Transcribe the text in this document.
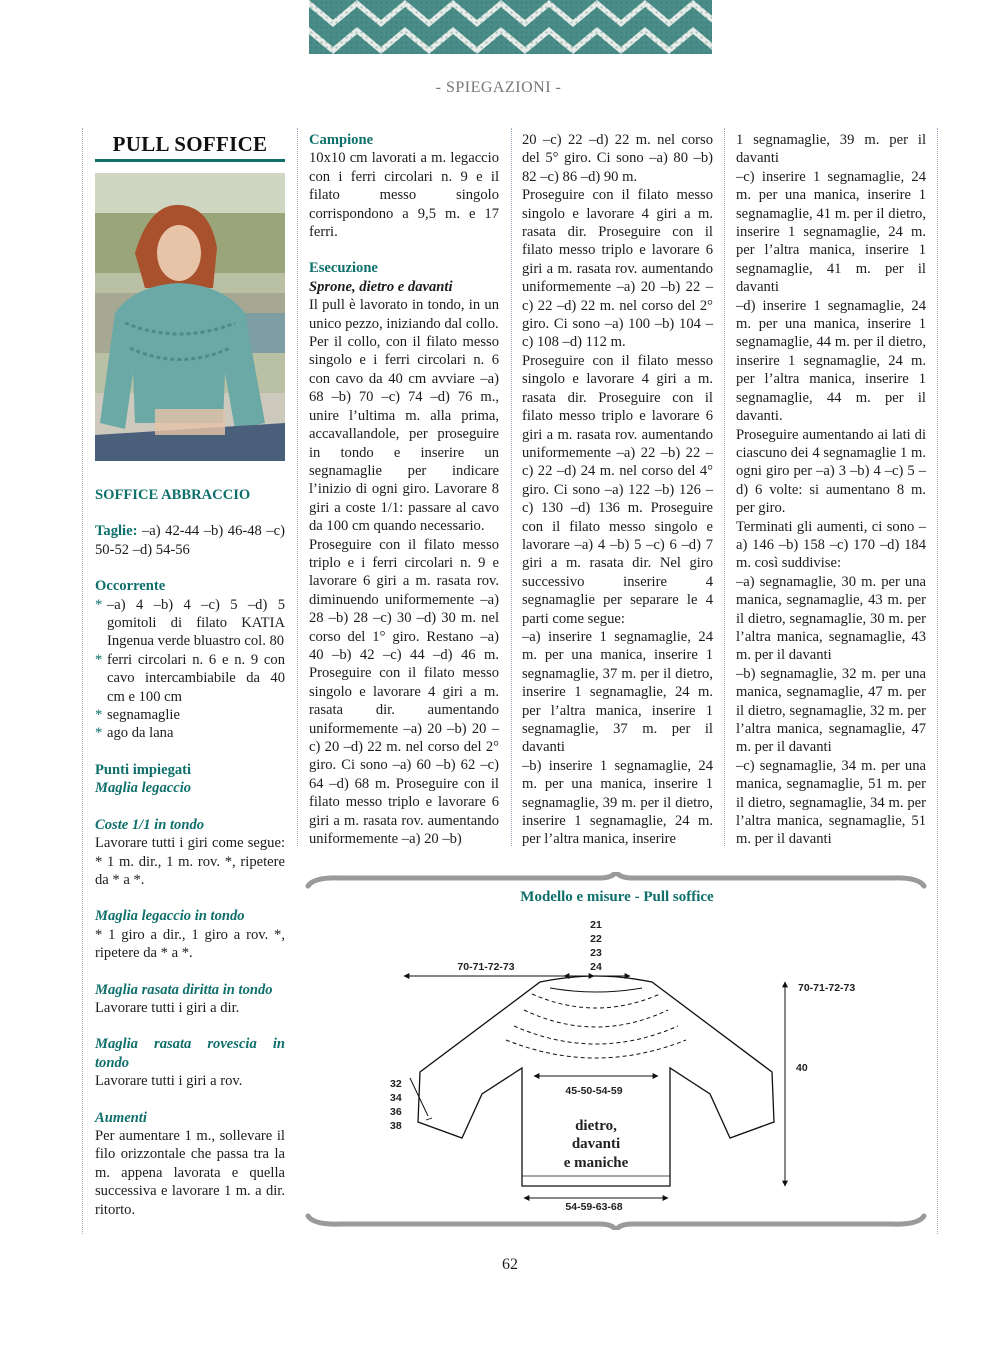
- SPIEGAZIONI -
PULL SOFFICE

SOFFICE ABBRACCIO

Taglie: –a) 42-44 –b) 46-48 –c) 50-52 –d) 54-56

Occorrente

* –a) 4 –b) 4 –c) 5 –d) 5 gomitoli di filato KATIA Ingenua verde bluastro col. 80
* ferri circolari n. 6 e n. 9 con cavo intercambiabile da 40 cm e 100 cm
* segnamaglie
* ago da lana

Punti impiegati

Maglia legaccio

Coste 1/1 in tondo

Lavorare tutti i giri come segue: * 1 m. dir., 1 m. rov. *, ripetere da * a *.

Maglia legaccio in tondo

* 1 giro a dir., 1 giro a rov. *, ripetere da * a *.

Maglia rasata diritta in tondo

Lavorare tutti i giri a dir.

Maglia rasata rovescia in tondo

Lavorare tutti i giri a rov.

Aumenti

Per aumentare 1 m., sollevare il filo orizzontale che passa tra la m. appena lavorata e quella successiva e lavorare 1 m. a dir. ritorto.

Campione

10x10 cm lavorati a m. legaccio con i ferri circolari n. 9 e il filato messo singolo corrispondono a 9,5 m. e 17 ferri.

Esecuzione

Sprone, dietro e davanti

Il pull è lavorato in tondo, in un unico pezzo, iniziando dal collo.

Per il collo, con il filato messo singolo e i ferri circolari n. 6 con cavo da 40 cm avviare –a) 68 –b) 70 –c) 74 –d) 76 m., unire l’ultima m. alla prima, accavallandole, per proseguire in tondo e inserire un segnamaglie per indicare l’inizio di ogni giro. Lavorare 8 giri a coste 1/1: passare al cavo da 100 cm quando necessario.

Proseguire con il filato messo triplo e i ferri circolari n. 9 e lavorare 6 giri a m. rasata rov. diminuendo uniformemente –a) 28 –b) 28 –c) 30 –d) 30 m. nel corso del 1° giro. Restano –a) 40 –b) 42 –c) 44 –d) 46 m. Proseguire con il filato messo singolo e lavorare 4 giri a m. rasata dir. aumentando uniformemente –a) 20 –b) 20 –c) 20 –d) 22 m. nel corso del 2° giro. Ci sono –a) 60 –b) 62 –c) 64 –d) 68 m. Proseguire con il filato messo triplo e lavorare 6 giri a m. rasata rov. aumentando uniformemente –a) 20 –b)

20 –c) 22 –d) 22 m. nel corso del 5° giro. Ci sono –a) 80 –b) 82 –c) 86 –d) 90 m.

Proseguire con il filato messo singolo e lavorare 4 giri a m. rasata dir. Proseguire con il filato messo triplo e lavorare 6 giri a m. rasata rov. aumentando uniformemente –a) 20 –b) 22 –c) 22 –d) 22 m. nel corso del 2° giro. Ci sono –a) 100 –b) 104 –c) 108 –d) 112 m.

Proseguire con il filato messo singolo e lavorare 4 giri a m. rasata dir. Proseguire con il filato messo triplo e lavorare 6 giri a m. rasata rov. aumentando uniformemente –a) 22 –b) 22 –c) 22 –d) 24 m. nel corso del 4° giro. Ci sono –a) 122 –b) 126 –c) 130 –d) 136 m. Proseguire con il filato messo singolo e lavorare –a) 4 –b) 5 –c) 6 –d) 7 giri a m. rasata dir. Nel giro successivo inserire 4 segnamaglie per separare le 4 parti come segue:

–a) inserire 1 segnamaglie, 24 m. per una manica, inserire 1 segnamaglie, 37 m. per il dietro, inserire 1 segnamaglie, 24 m. per l’altra manica, inserire 1 segnamaglie, 37 m. per il davanti

–b) inserire 1 segnamaglie, 24 m. per una manica, inserire 1 segnamaglie, 39 m. per il dietro, inserire 1 segnamaglie, 24 m. per l’altra manica, inserire

1 segnamaglie, 39 m. per il davanti

–c) inserire 1 segnamaglie, 24 m. per una manica, inserire 1 segnamaglie, 41 m. per il dietro, inserire 1 segnamaglie, 24 m. per l’altra manica, inserire 1 segnamaglie, 41 m. per il davanti

–d) inserire 1 segnamaglie, 24 m. per una manica, inserire 1 segnamaglie, 44 m. per il dietro, inserire 1 segnamaglie, 24 m. per l’altra manica, inserire 1 segnamaglie, 44 m. per il davanti.

Proseguire aumentando ai lati di ciascuno dei 4 segnamaglie 1 m. ogni giro per –a) 3 –b) 4 –c) 5 –d) 6 volte: si aumentano 8 m. per giro.

Terminati gli aumenti, ci sono –a) 146 –b) 158 –c) 170 –d) 184 m. così suddivise:

–a) segnamaglie, 30 m. per una manica, segnamaglie, 43 m. per il dietro, segnamaglie, 30 m. per l’altra manica, segnamaglie, 43 m. per il davanti

–b) segnamaglie, 32 m. per una manica, segnamaglie, 47 m. per il dietro, segnamaglie, 32 m. per l’altra manica, segnamaglie, 47 m. per il davanti

–c) segnamaglie, 34 m. per una manica, segnamaglie, 51 m. per il dietro, segnamaglie, 34 m. per l’altra manica, segnamaglie, 51 m. per il davanti

Modello e misure - Pull soffice
21
22
23
24
70-71-72-73
70-71-72-73
40
32
34
36
38
45-50-54-59
dietro,
davanti
e maniche
54-59-63-68
62
